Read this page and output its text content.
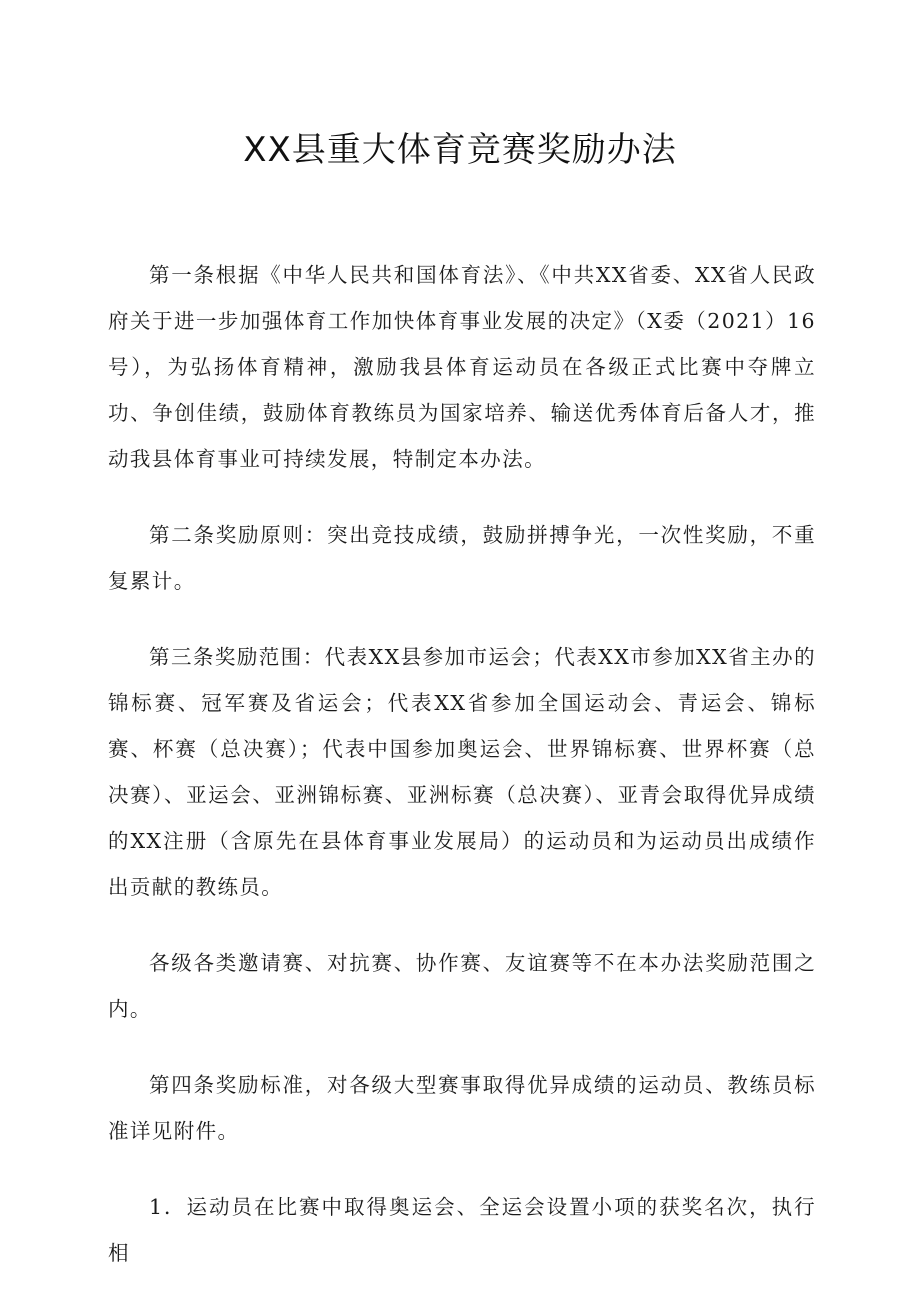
XX县重大体育竞赛奖励办法

第一条根据《中华人民共和国体育法》、《中共XX省委、XX省人民政府关于进一步加强体育工作加快体育事业发展的决定》（X委（2021）16号），为弘扬体育精神，激励我县体育运动员在各级正式比赛中夺牌立功、争创佳绩，鼓励体育教练员为国家培养、输送优秀体育后备人才，推动我县体育事业可持续发展，特制定本办法。

第二条奖励原则：突出竞技成绩，鼓励拼搏争光，一次性奖励，不重复累计。

第三条奖励范围：代表XX县参加市运会；代表XX市参加XX省主办的锦标赛、冠军赛及省运会；代表XX省参加全国运动会、青运会、锦标赛、杯赛（总决赛）；代表中国参加奥运会、世界锦标赛、世界杯赛（总决赛）、亚运会、亚洲锦标赛、亚洲标赛（总决赛）、亚青会取得优异成绩的XX注册（含原先在县体育事业发展局）的运动员和为运动员出成绩作出贡献的教练员。

各级各类邀请赛、对抗赛、协作赛、友谊赛等不在本办法奖励范围之内。

第四条奖励标准，对各级大型赛事取得优异成绩的运动员、教练员标准详见附件。

1．运动员在比赛中取得奥运会、全运会设置小项的获奖名次，执行相
